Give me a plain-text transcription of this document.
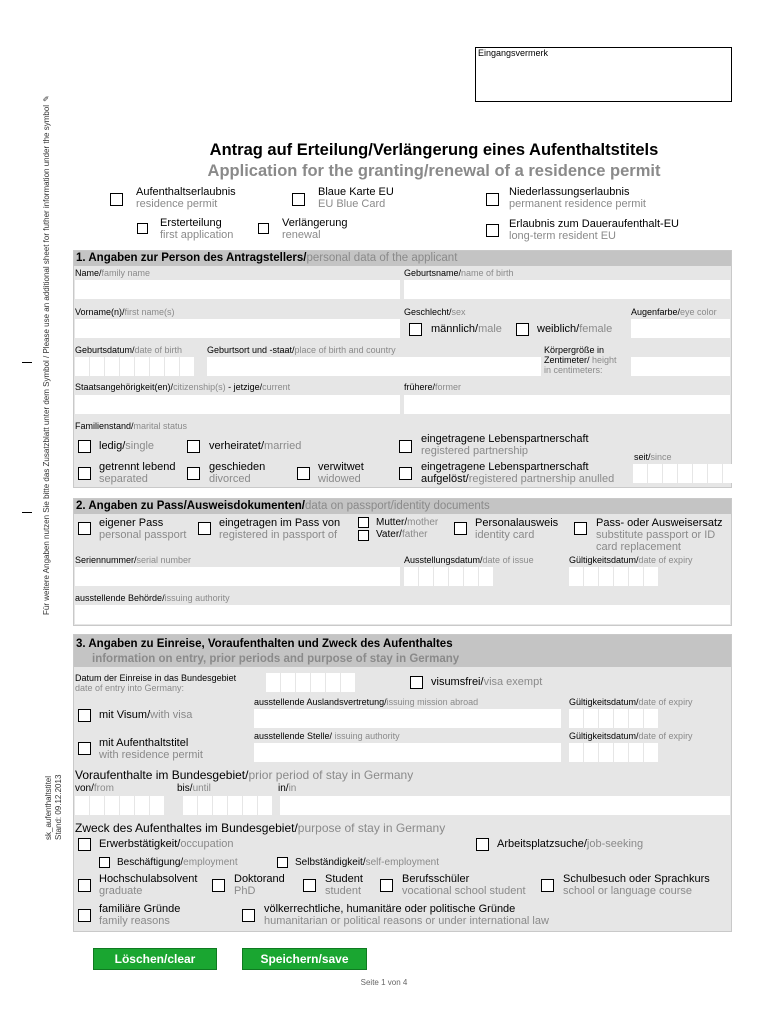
Eingangsvermerk
Für weitere Angaben nutzen Sie bitte das Zusatzblatt unter dem Symbol / Please use an additional sheet for futher information under the symbol✎
sk_aufenthaltstitel Stand: 09.12.2013
Antrag auf Erteilung/Verlängerung eines Aufenthaltstitels
Application for the granting/renewal of a residence permit
Aufenthaltserlaubnis
residence permit
Blaue Karte EU
EU Blue Card
Niederlassungserlaubnis
permanent residence permit
Ersterteilung
first application
Verlängerung
renewal
Erlaubnis zum Daueraufenthalt-EU
long-term resident EU
1. Angaben zur Person des Antragstellers/personal data of the applicant
Name/family name	Geburtsname/name of birth
Vorname(n)/first name(s)	Geschlecht/sex
männlich/male	weiblich/female
Augenfarbe/eye color
Geburtsdatum/date of birth	Geburtsort und -staat/place of birth and country	Körpergröße in Zentimeter/ height
in centimeters:
Staatsangehörigkeit(en)/citizenship(s) - jetzige/current	frühere/former
Familienstand/marital status
ledig/single	verheiratet/married
eingetragene Lebenspartnerschaft
registered partnership
getrennt lebend
separated
geschieden
divorced
verwitwet
widowed
eingetragene Lebenspartnerschaft
aufgelöst/registered partnership anulled
seit/since
2. Angaben zu Pass/Ausweisdokumenten/data on passport/identity documents
eigener Pass
personal passport
eingetragen im Pass von
registered in passport of
Mutter/mother
Vater/father
Personalausweis
identity card
Pass- oder Ausweisersatz
substitute passport or ID
card replacement
Seriennummer/serial number	Ausstellungsdatum/date of issue	Gültigkeitsdatum/date of expiry
ausstellende Behörde/issuing authority
3. Angaben zu Einreise, Voraufenthalten und Zweck des Aufenthaltes
information on entry, prior periods and purpose of stay in Germany
Datum der Einreise in das Bundesgebiet
date of entry into Germany:	visumsfrei/visa exempt
ausstellende Auslandsvertretung/issuing mission abroad	Gültigkeitsdatum/date of expiry
mit Visum/with visa
ausstellende Stelle/ issuing authority	Gültigkeitsdatum/date of expiry
mit Aufenthaltstitel
with residence permit
Voraufenthalte im Bundesgebiet/prior period of stay in Germany
von/from	bis/until	in/in
Zweck des Aufenthaltes im Bundesgebiet/purpose of stay in Germany
Erwerbstätigkeit/occupation	Arbeitsplatzsuche/job-seeking
Beschäftigung/employment	Selbständigkeit/self-employment
Hochschulabsolvent
graduate
Doktorand
PhD
Student
student
Berufsschüler
vocational school student
Schulbesuch oder Sprachkurs
school or language course
familiäre Gründe
family reasons
völkerrechtliche, humanitäre oder politische Gründe
humanitarian or political reasons or under international law
Löschen/clear	Speichern/save
Seite 1 von 4
